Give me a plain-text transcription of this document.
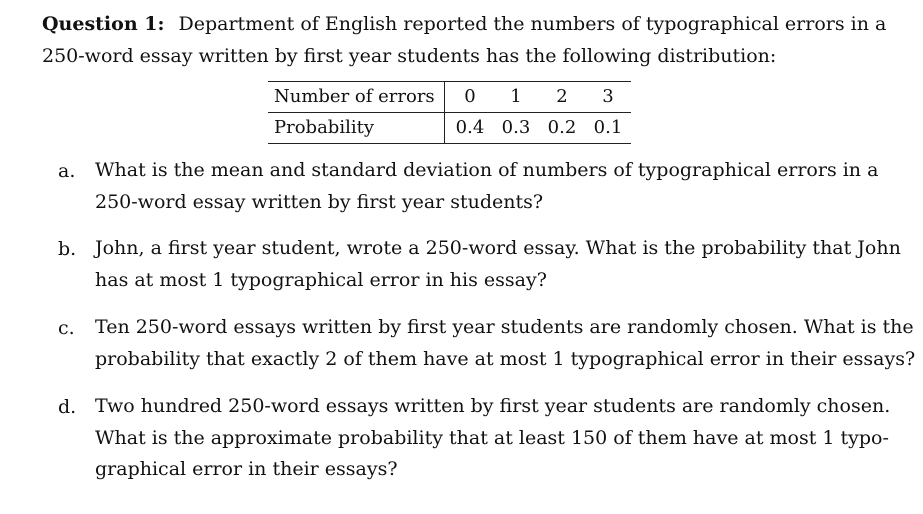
Question 1: Department of English reported the numbers of typographical errors in a
250-word essay written by first year students has the following distribution:
Number of errors	0	1	2	3
Probability	0.4	0.3	0.2	0.1
a. What is the mean and standard deviation of numbers of typographical errors in a
250-word essay written by first year students?
b. John, a first year student, wrote a 250-word essay. What is the probability that John
has at most 1 typographical error in his essay?
c. Ten 250-word essays written by first year students are randomly chosen. What is the
probability that exactly 2 of them have at most 1 typographical error in their essays?
d. Two hundred 250-word essays written by first year students are randomly chosen.
What is the approximate probability that at least 150 of them have at most 1 typo-
graphical error in their essays?
